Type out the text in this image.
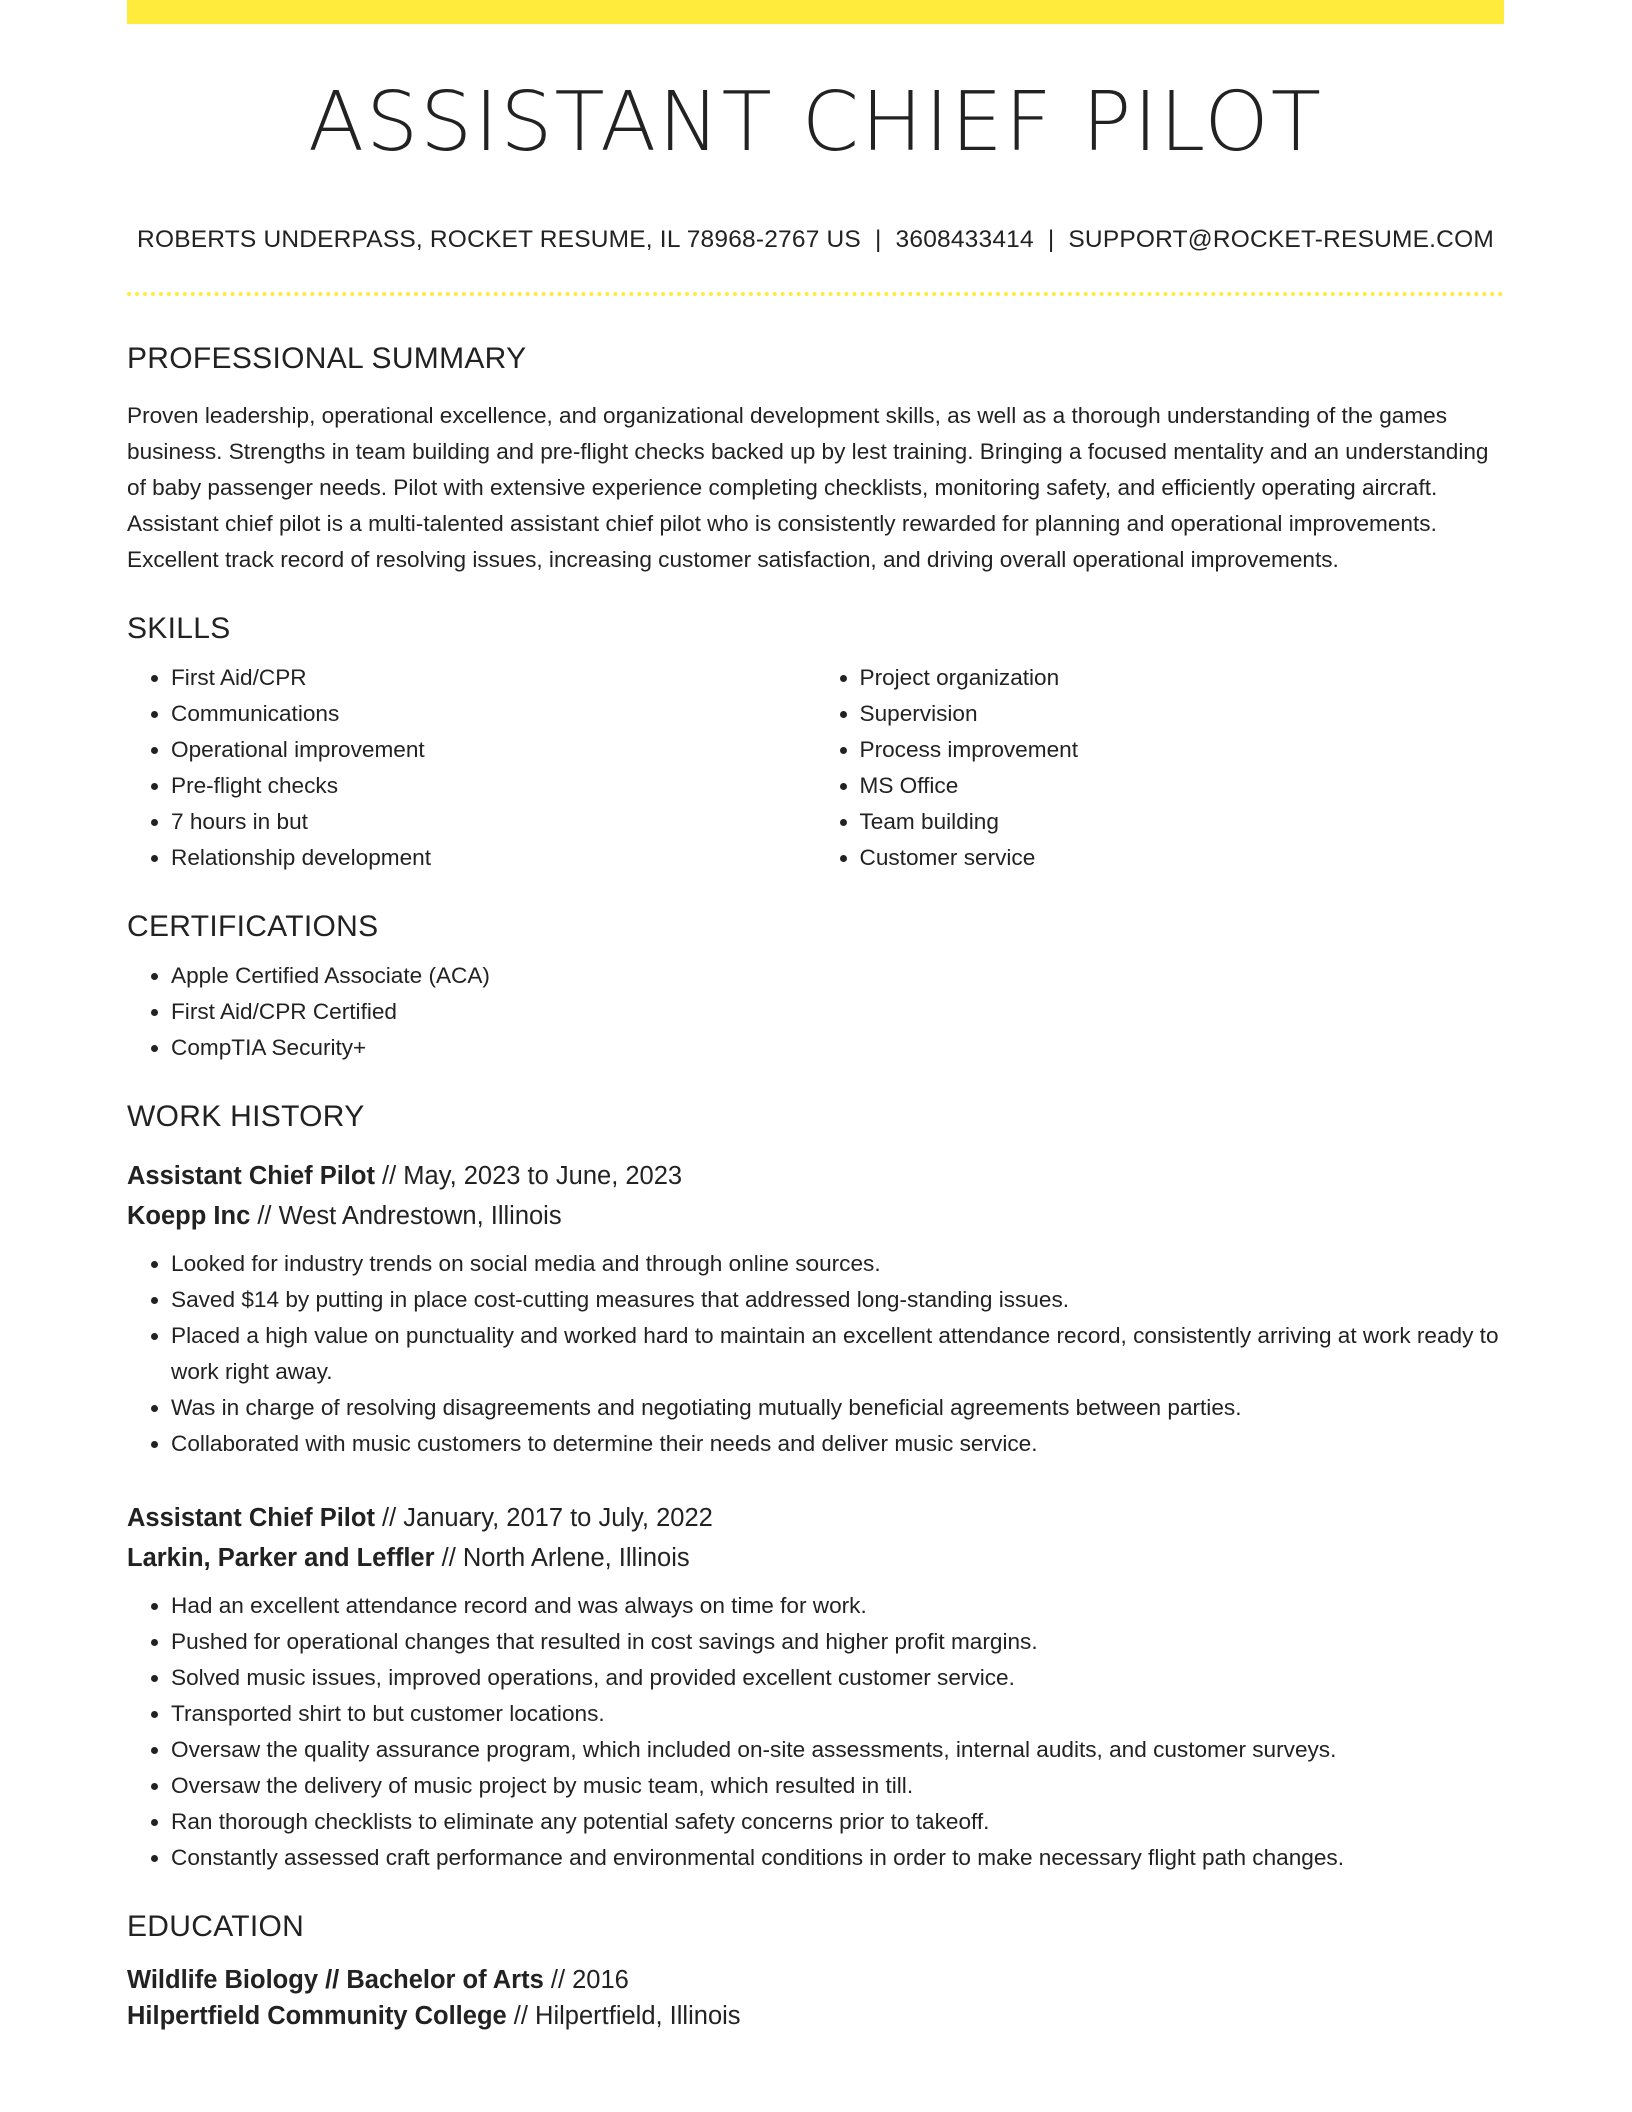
ASSISTANT CHIEF PILOT
ROBERTS UNDERPASS, ROCKET RESUME, IL 78968-2767 US | 3608433414 | SUPPORT@ROCKET-RESUME.COM
PROFESSIONAL SUMMARY

Proven leadership, operational excellence, and organizational development skills, as well as a thorough understanding of the games business. Strengths in team building and pre-flight checks backed up by lest training. Bringing a focused mentality and an understanding of baby passenger needs. Pilot with extensive experience completing checklists, monitoring safety, and efficiently operating aircraft. Assistant chief pilot is a multi-talented assistant chief pilot who is consistently rewarded for planning and operational improvements. Excellent track record of resolving issues, increasing customer satisfaction, and driving overall operational improvements.

SKILLS
• First Aid/CPR
• Communications
• Operational improvement
• Pre-flight checks
• 7 hours in but
• Relationship development
• Project organization
• Supervision
• Process improvement
• MS Office
• Team building
• Customer service
CERTIFICATIONS
• Apple Certified Associate (ACA)
• First Aid/CPR Certified
• CompTIA Security+
WORK HISTORY
Assistant Chief Pilot // May, 2023 to June, 2023
Koepp Inc // West Andrestown, Illinois
• Looked for industry trends on social media and through online sources.
• Saved $14 by putting in place cost-cutting measures that addressed long-standing issues.
• Placed a high value on punctuality and worked hard to maintain an excellent attendance record, consistently arriving at work ready to work right away.
• Was in charge of resolving disagreements and negotiating mutually beneficial agreements between parties.
• Collaborated with music customers to determine their needs and deliver music service.
Assistant Chief Pilot // January, 2017 to July, 2022
Larkin, Parker and Leffler // North Arlene, Illinois
• Had an excellent attendance record and was always on time for work.
• Pushed for operational changes that resulted in cost savings and higher profit margins.
• Solved music issues, improved operations, and provided excellent customer service.
• Transported shirt to but customer locations.
• Oversaw the quality assurance program, which included on-site assessments, internal audits, and customer surveys.
• Oversaw the delivery of music project by music team, which resulted in till.
• Ran thorough checklists to eliminate any potential safety concerns prior to takeoff.
• Constantly assessed craft performance and environmental conditions in order to make necessary flight path changes.
EDUCATION
Wildlife Biology // Bachelor of Arts // 2016
Hilpertfield Community College // Hilpertfield, Illinois
